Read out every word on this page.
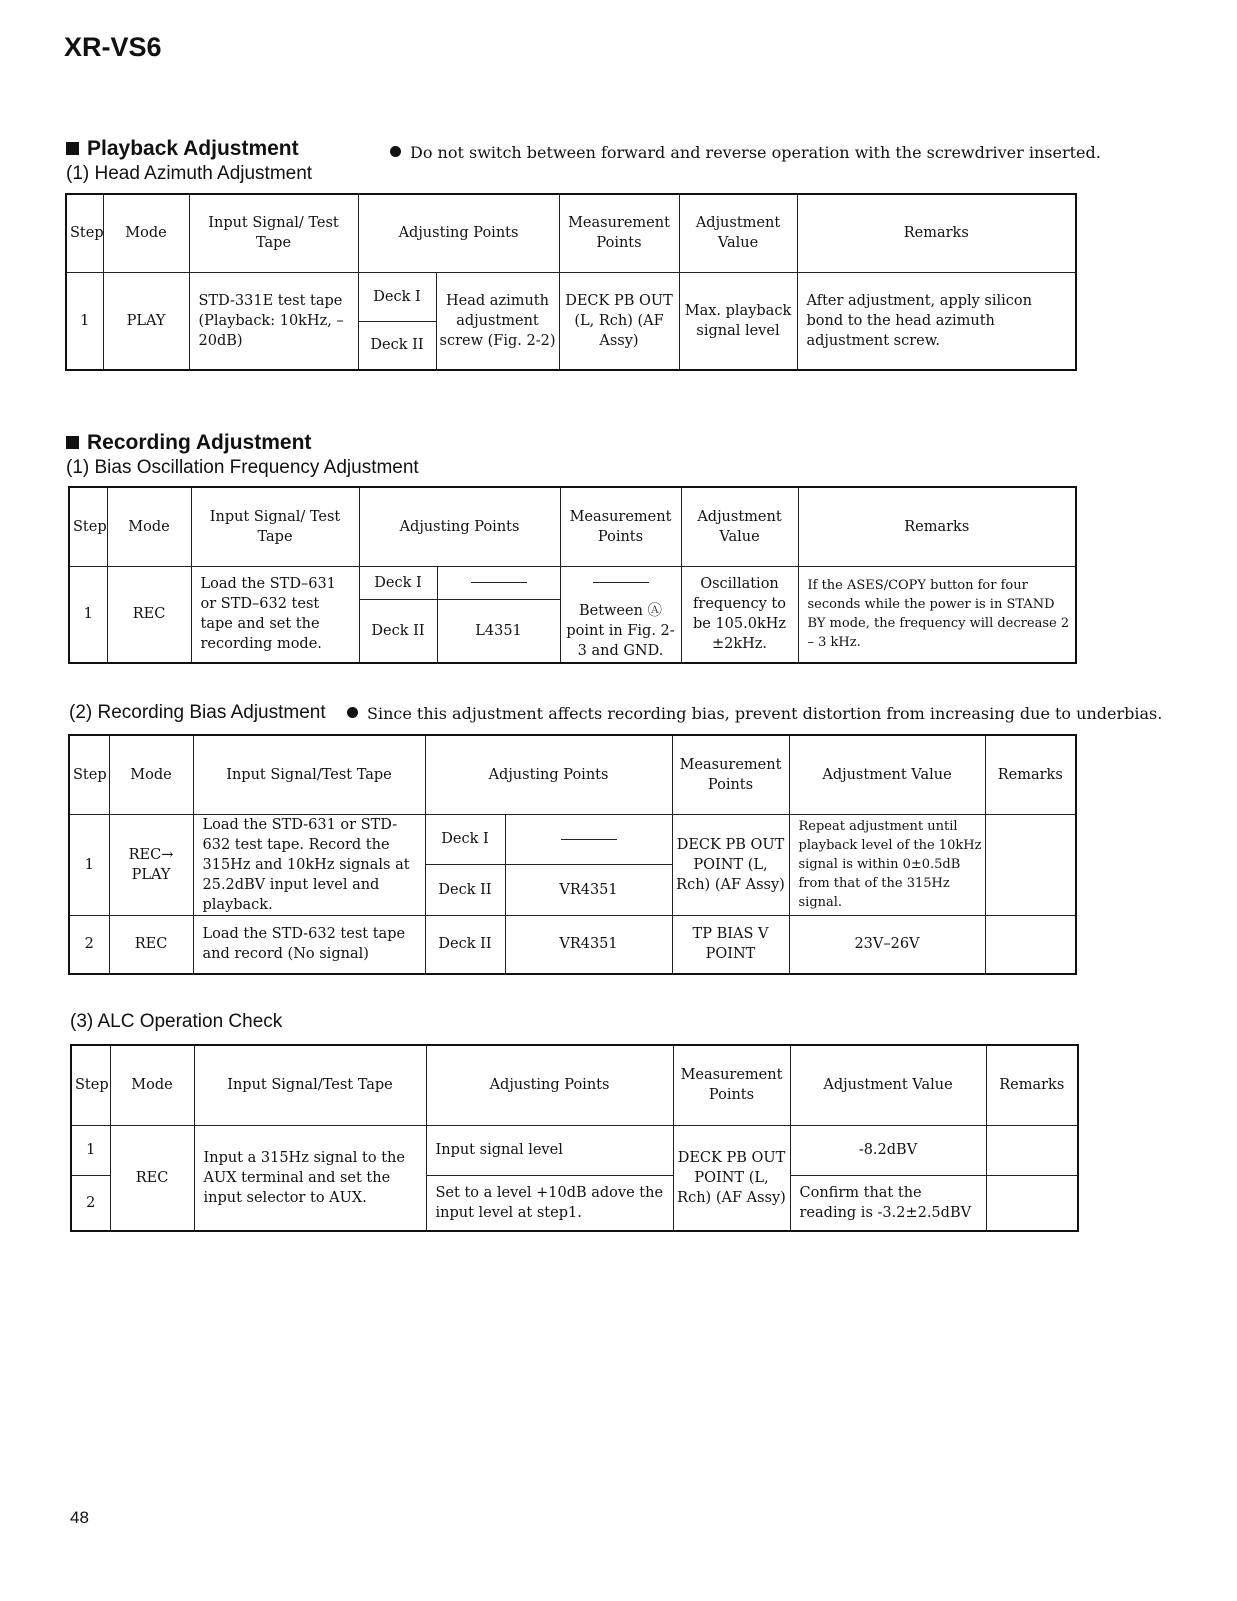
XR-VS6
Playback Adjustment	Do not switch between forward and reverse operation with the screwdriver inserted.
(1) Head Azimuth Adjustment
Step	Mode	Input Signal/ Test Tape	Adjusting Points		Measurement Points	Adjustment Value	Remarks
1	PLAY	STD-331E test tape (Playback: 10kHz, –20dB)	Deck I	Head azimuth adjustment screw (Fig. 2-2)	DECK PB OUT (L, Rch) (AF Assy)	Max. playback signal level	After adjustment, apply silicon bond to the head azimuth adjustment screw.
			Deck II				
Recording Adjustment
(1) Bias Oscillation Frequency Adjustment
Step	Mode	Input Signal/ Test Tape	Adjusting Points		Measurement Points	Adjustment Value	Remarks
1	REC	Load the STD–631 or STD–632 test tape and set the recording mode.	Deck I			Oscillation frequency to be 105.0kHz ±2kHz.	If the ASES/COPY button for four seconds while the power is in STAND BY mode, the frequency will decrease 2 – 3 kHz.
			Deck II	L4351	Between Ⓐ point in Fig. 2-3 and GND.		
(2) Recording Bias Adjustment	Since this adjustment affects recording bias, prevent distortion from increasing due to underbias.
Step	Mode	Input Signal/Test Tape	Adjusting Points		Measurement Points	Adjustment Value	Remarks
1	REC→ PLAY	Load the STD-631 or STD-632 test tape. Record the 315Hz and 10kHz signals at 25.2dBV input level and playback.	Deck I		DECK PB OUT POINT (L, Rch) (AF Assy)	Repeat adjustment until playback level of the 10kHz signal is within 0±0.5dB from that of the 315Hz signal.	
			Deck II	VR4351			
2	REC	Load the STD-632 test tape and record (No signal)	Deck II	VR4351	TP BIAS V POINT	23V–26V	
(3) ALC Operation Check
Step	Mode	Input Signal/Test Tape	Adjusting Points	Measurement Points	Adjustment Value	Remarks
1	REC	Input a 315Hz signal to the AUX terminal and set the input selector to AUX.	Input signal level	DECK PB OUT POINT (L, Rch) (AF Assy)	-8.2dBV	
2			Set to a level +10dB adove the input level at step1.		Confirm that the reading is -3.2±2.5dBV	
48
